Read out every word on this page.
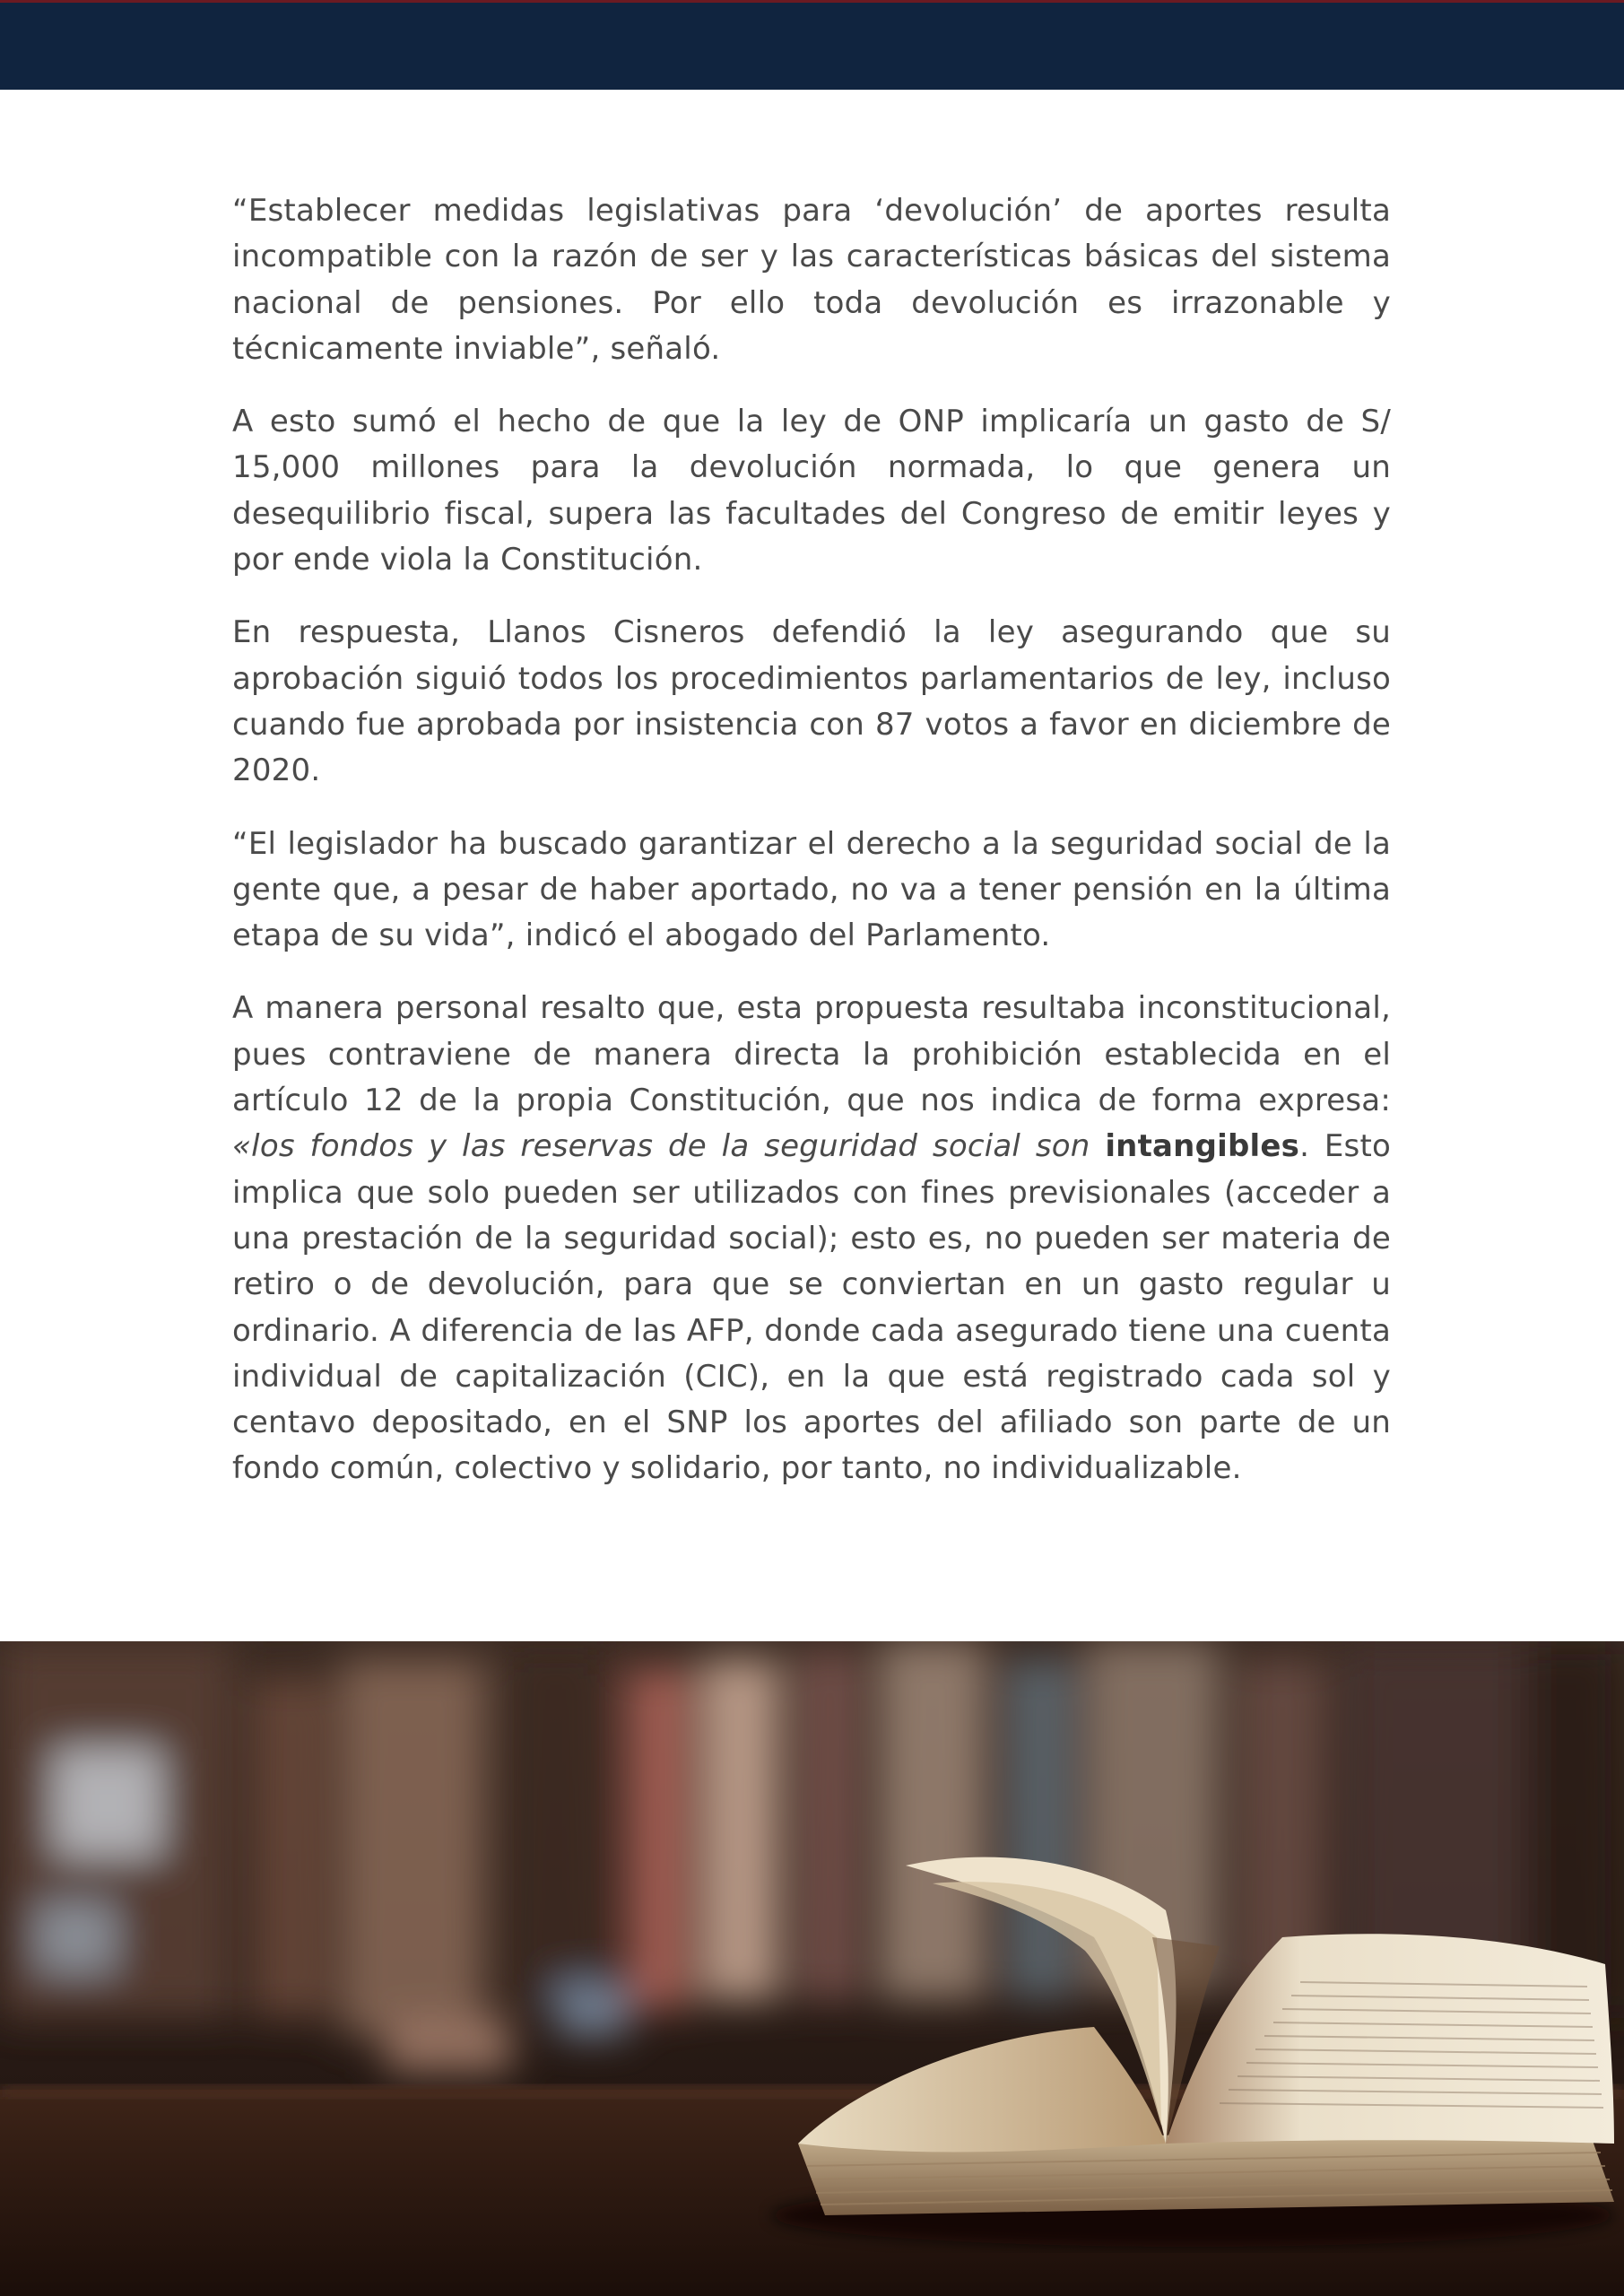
“Establecer medidas legislativas para ‘devolución’ de aportes resulta incompatible con la razón de ser y las características básicas del sistema nacional de pensiones. Por ello toda devolución es irrazonable y técnicamente inviable”, señaló.

A esto sumó el hecho de que la ley de ONP implicaría un gasto de S/ 15,000 millones para la devolución normada, lo que genera un desequilibrio fiscal, supera las facultades del Congreso de emitir leyes y por ende viola la Constitución.

En respuesta, Llanos Cisneros defendió la ley asegurando que su aprobación siguió todos los procedimientos parlamentarios de ley, incluso cuando fue aprobada por insistencia con 87 votos a favor en diciembre de 2020.

“El legislador ha buscado garantizar el derecho a la seguridad social de la gente que, a pesar de haber aportado, no va a tener pensión en la última etapa de su vida”, indicó el abogado del Parlamento.

A manera personal resalto que, esta propuesta resultaba inconstitucional, pues contraviene de manera directa la prohibición establecida en el artículo 12 de la propia Constitución, que nos indica de forma expresa: «los fondos y las reservas de la seguridad social son intangibles. Esto implica que solo pueden ser utilizados con fines previsionales (acceder a una prestación de la seguridad social); esto es, no pueden ser materia de retiro o de devolución, para que se conviertan en un gasto regular u ordinario. A diferencia de las AFP, donde cada asegurado tiene una cuenta individual de capitalización (CIC), en la que está registrado cada sol y centavo depositado, en el SNP los aportes del afiliado son parte de un fondo común, colectivo y solidario, por tanto, no individualizable.
